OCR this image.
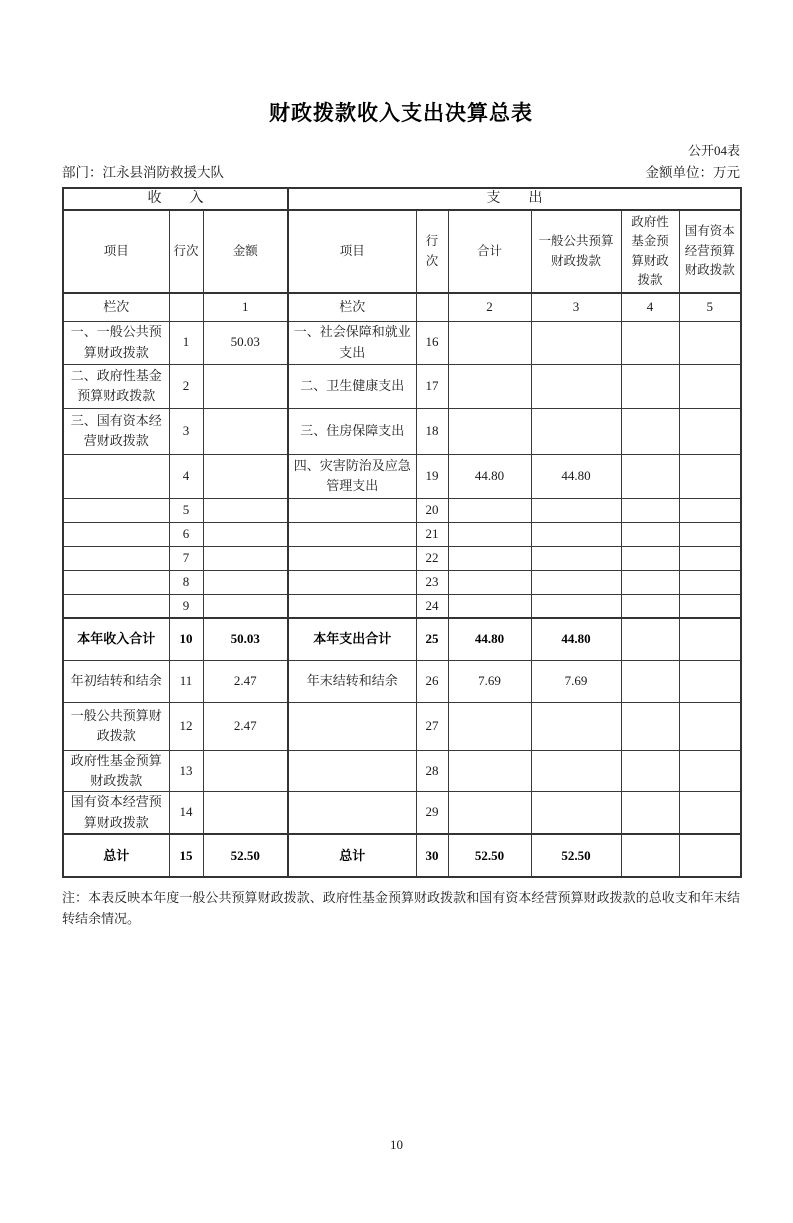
财政拨款收入支出决算总表
公开04表
部门：江永县消防救援大队	金额单位：万元
收　　入			支　　出					
项目	行次	金额	项目	行次	合计	一般公共预算财政拨款	政府性基金预算财政拨款	国有资本经营预算财政拨款
栏次		1	栏次		2	3	4	5
一、一般公共预算财政拨款	1	50.03	一、社会保障和就业支出	16				
二、政府性基金预算财政拨款	2		二、卫生健康支出	17				
三、国有资本经营财政拨款	3		三、住房保障支出	18				
	4		四、灾害防治及应急管理支出	19	44.80	44.80		
	5			20				
	6			21				
	7			22				
	8			23				
	9			24				
本年收入合计	10	50.03	本年支出合计	25	44.80	44.80		
年初结转和结余	11	2.47	年末结转和结余	26	7.69	7.69		
一般公共预算财政拨款	12	2.47		27				
政府性基金预算财政拨款	13			28				
国有资本经营预算财政拨款	14			29				
总计	15	52.50	总计	30	52.50	52.50		
注：本表反映本年度一般公共预算财政拨款、政府性基金预算财政拨款和国有资本经营预算财政拨款的总收支和年末结转结余情况。
10
